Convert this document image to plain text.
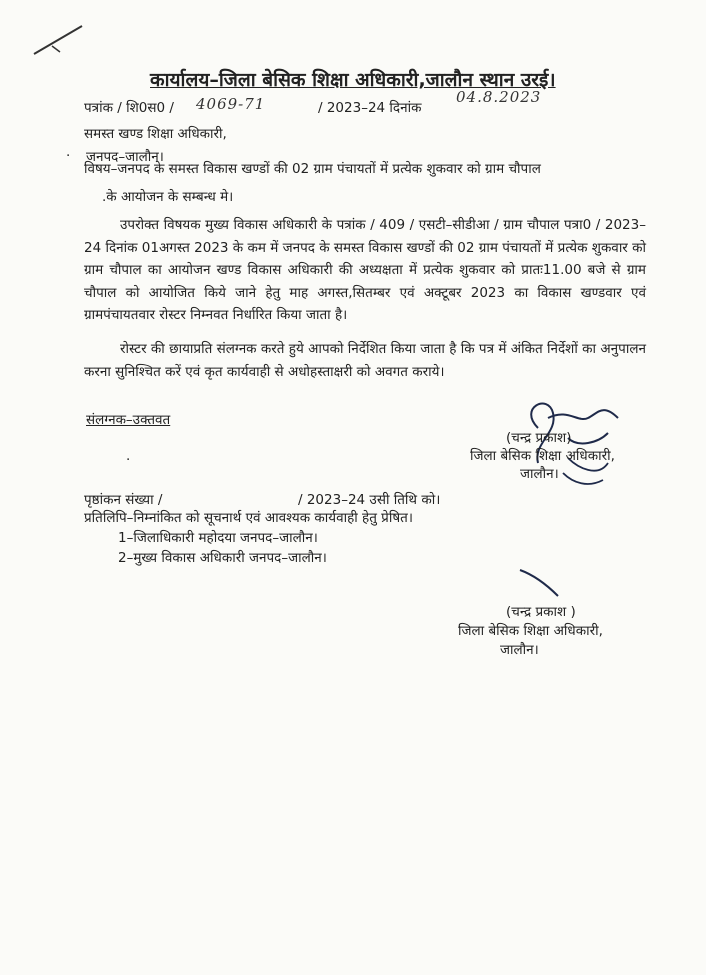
कार्यालय–जिला बेसिक शिक्षा अधिकारी,जालौन स्थान उरई।
पत्रांक / शि0स0 / 4069-71	/ 2023–24 दिनांक
04.8.2023
समस्त खण्ड शिक्षा अधिकारी,
जनपद–जालौन।
विषय–जनपद के समस्त विकास खण्डों की 02 ग्राम पंचायतों में प्रत्येक शुकवार को ग्राम चौपाल
.के आयोजन के सम्बन्ध मे।
उपरोक्त विषयक मुख्य विकास अधिकारी के पत्रांक / 409 / एसटी–सीडीआ / ग्राम चौपाल पत्रा0 / 2023–24 दिनांक 01अगस्त 2023 के कम में जनपद के समस्त विकास खण्डों की 02 ग्राम पंचायतों में प्रत्येक शुकवार को ग्राम चौपाल का आयोजन खण्ड विकास अधिकारी की अध्यक्षता में प्रत्येक शुकवार को प्रातः11.00 बजे से ग्राम चौपाल को आयोजित किये जाने हेतु माह अगस्त,सितम्बर एवं अक्टूबर 2023 का विकास खण्डवार एवं ग्रामपंचायतवार रोस्टर निम्नवत निर्धारित किया जाता है।
रोस्टर की छायाप्रति संलग्नक करते हुये आपको निर्देशित किया जाता है कि पत्र में अंकित निर्देशों का अनुपालन करना सुनिश्चित करें एवं कृत कार्यवाही से अधोहस्ताक्षरी को अवगत कराये।
संलग्नक–उक्तवत
(चन्द्र प्रकाश)
जिला बेसिक शिक्षा अधिकारी,
जालौन।
·
·
पृष्ठांकन संख्या /	/ 2023–24 उसी तिथि को।
प्रतिलिपि–निम्नांकित को सूचनार्थ एवं आवश्यक कार्यवाही हेतु प्रेषित।
1–जिलाधिकारी महोदया जनपद–जालौन।
2–मुख्य विकास अधिकारी जनपद–जालौन।
(चन्द्र प्रकाश )
जिला बेसिक शिक्षा अधिकारी,
जालौन।
